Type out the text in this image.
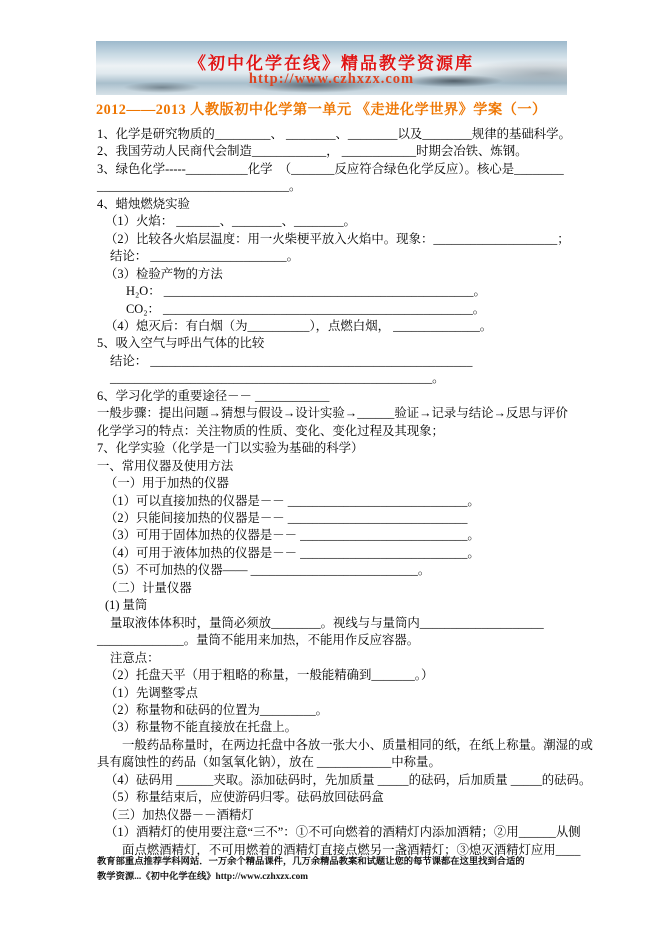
《初中化学在线》精品教学资源库
http://www.czhxzx.com
2012——2013 人教版初中化学第一单元 《走进化学世界》学案（一）
1、化学是研究物质的_________、 ________、________以及________规律的基础科学。
2、我国劳动人民商代会制造____________， ____________时期会冶铁、炼钢。
3、绿色化学-----__________化学　（_______反应符合绿色化学反应）。核心是________
_______________________________。
4、蜡烛燃烧实验
（1）火焰： _______、________、________。
（2）比较各火焰层温度：用一火柴梗平放入火焰中。现象：____________________；
结论： ______________________。
（3）检验产物的方法
H₂O： __________________________________________________。
CO₂： __________________________________________________。
（4）熄灭后：有白烟（为__________），点燃白烟， ______________。
5、吸入空气与呼出气体的比较
结论： ____________________________________________________
____________________________________________________。
6、学习化学的重要途径－－ ____________
一般步骤：提出问题→猜想与假设→设计实验→______验证→记录与结论→反思与评价
化学学习的特点：关注物质的性质、变化、变化过程及其现象；
7、化学实验（化学是一门以实验为基础的科学）
一、常用仪器及使用方法
（一）用于加热的仪器
（1）可以直接加热的仪器是－－ _____________________________。
（2）只能间接加热的仪器是－－ _____________________________
（3）可用于固体加热的仪器是－－ ___________________________。
（4）可用于液体加热的仪器是－－ ___________________________。
（5）不可加热的仪器—— ___________________________。
（二）计量仪器
(1) 量筒
量取液体体积时，量筒必须放________。视线与与量筒内____________________
______________。量筒不能用来加热，不能用作反应容器。
注意点：
（2）托盘天平（用于粗略的称量，一般能精确到_______。）
（1）先调整零点
（2）称量物和砝码的位置为_________。
（3）称量物不能直接放在托盘上。
一般药品称量时，在两边托盘中各放一张大小、质量相同的纸，在纸上称量。潮湿的或
具有腐蚀性的药品（如氢氧化钠），放在 ____________中称量。
（4）砝码用 ______夹取。添加砝码时，先加质量 _____的砝码，后加质量 _____的砝码。
（5）称量结束后，应使游码归零。砝码放回砝码盒
（三）加热仪器－－酒精灯
（1）酒精灯的使用要注意“三不”：①不可向燃着的酒精灯内添加酒精；②用______从侧
面点燃酒精灯，不可用燃着的酒精灯直接点燃另一盏酒精灯；③熄灭酒精灯应用____
教育部重点推荐学科网站．一万余个精品课件，几万余精品教案和试题让您的每节课都在这里找到合适的
教学资源...《初中化学在线》http://www.czhxzx.com
